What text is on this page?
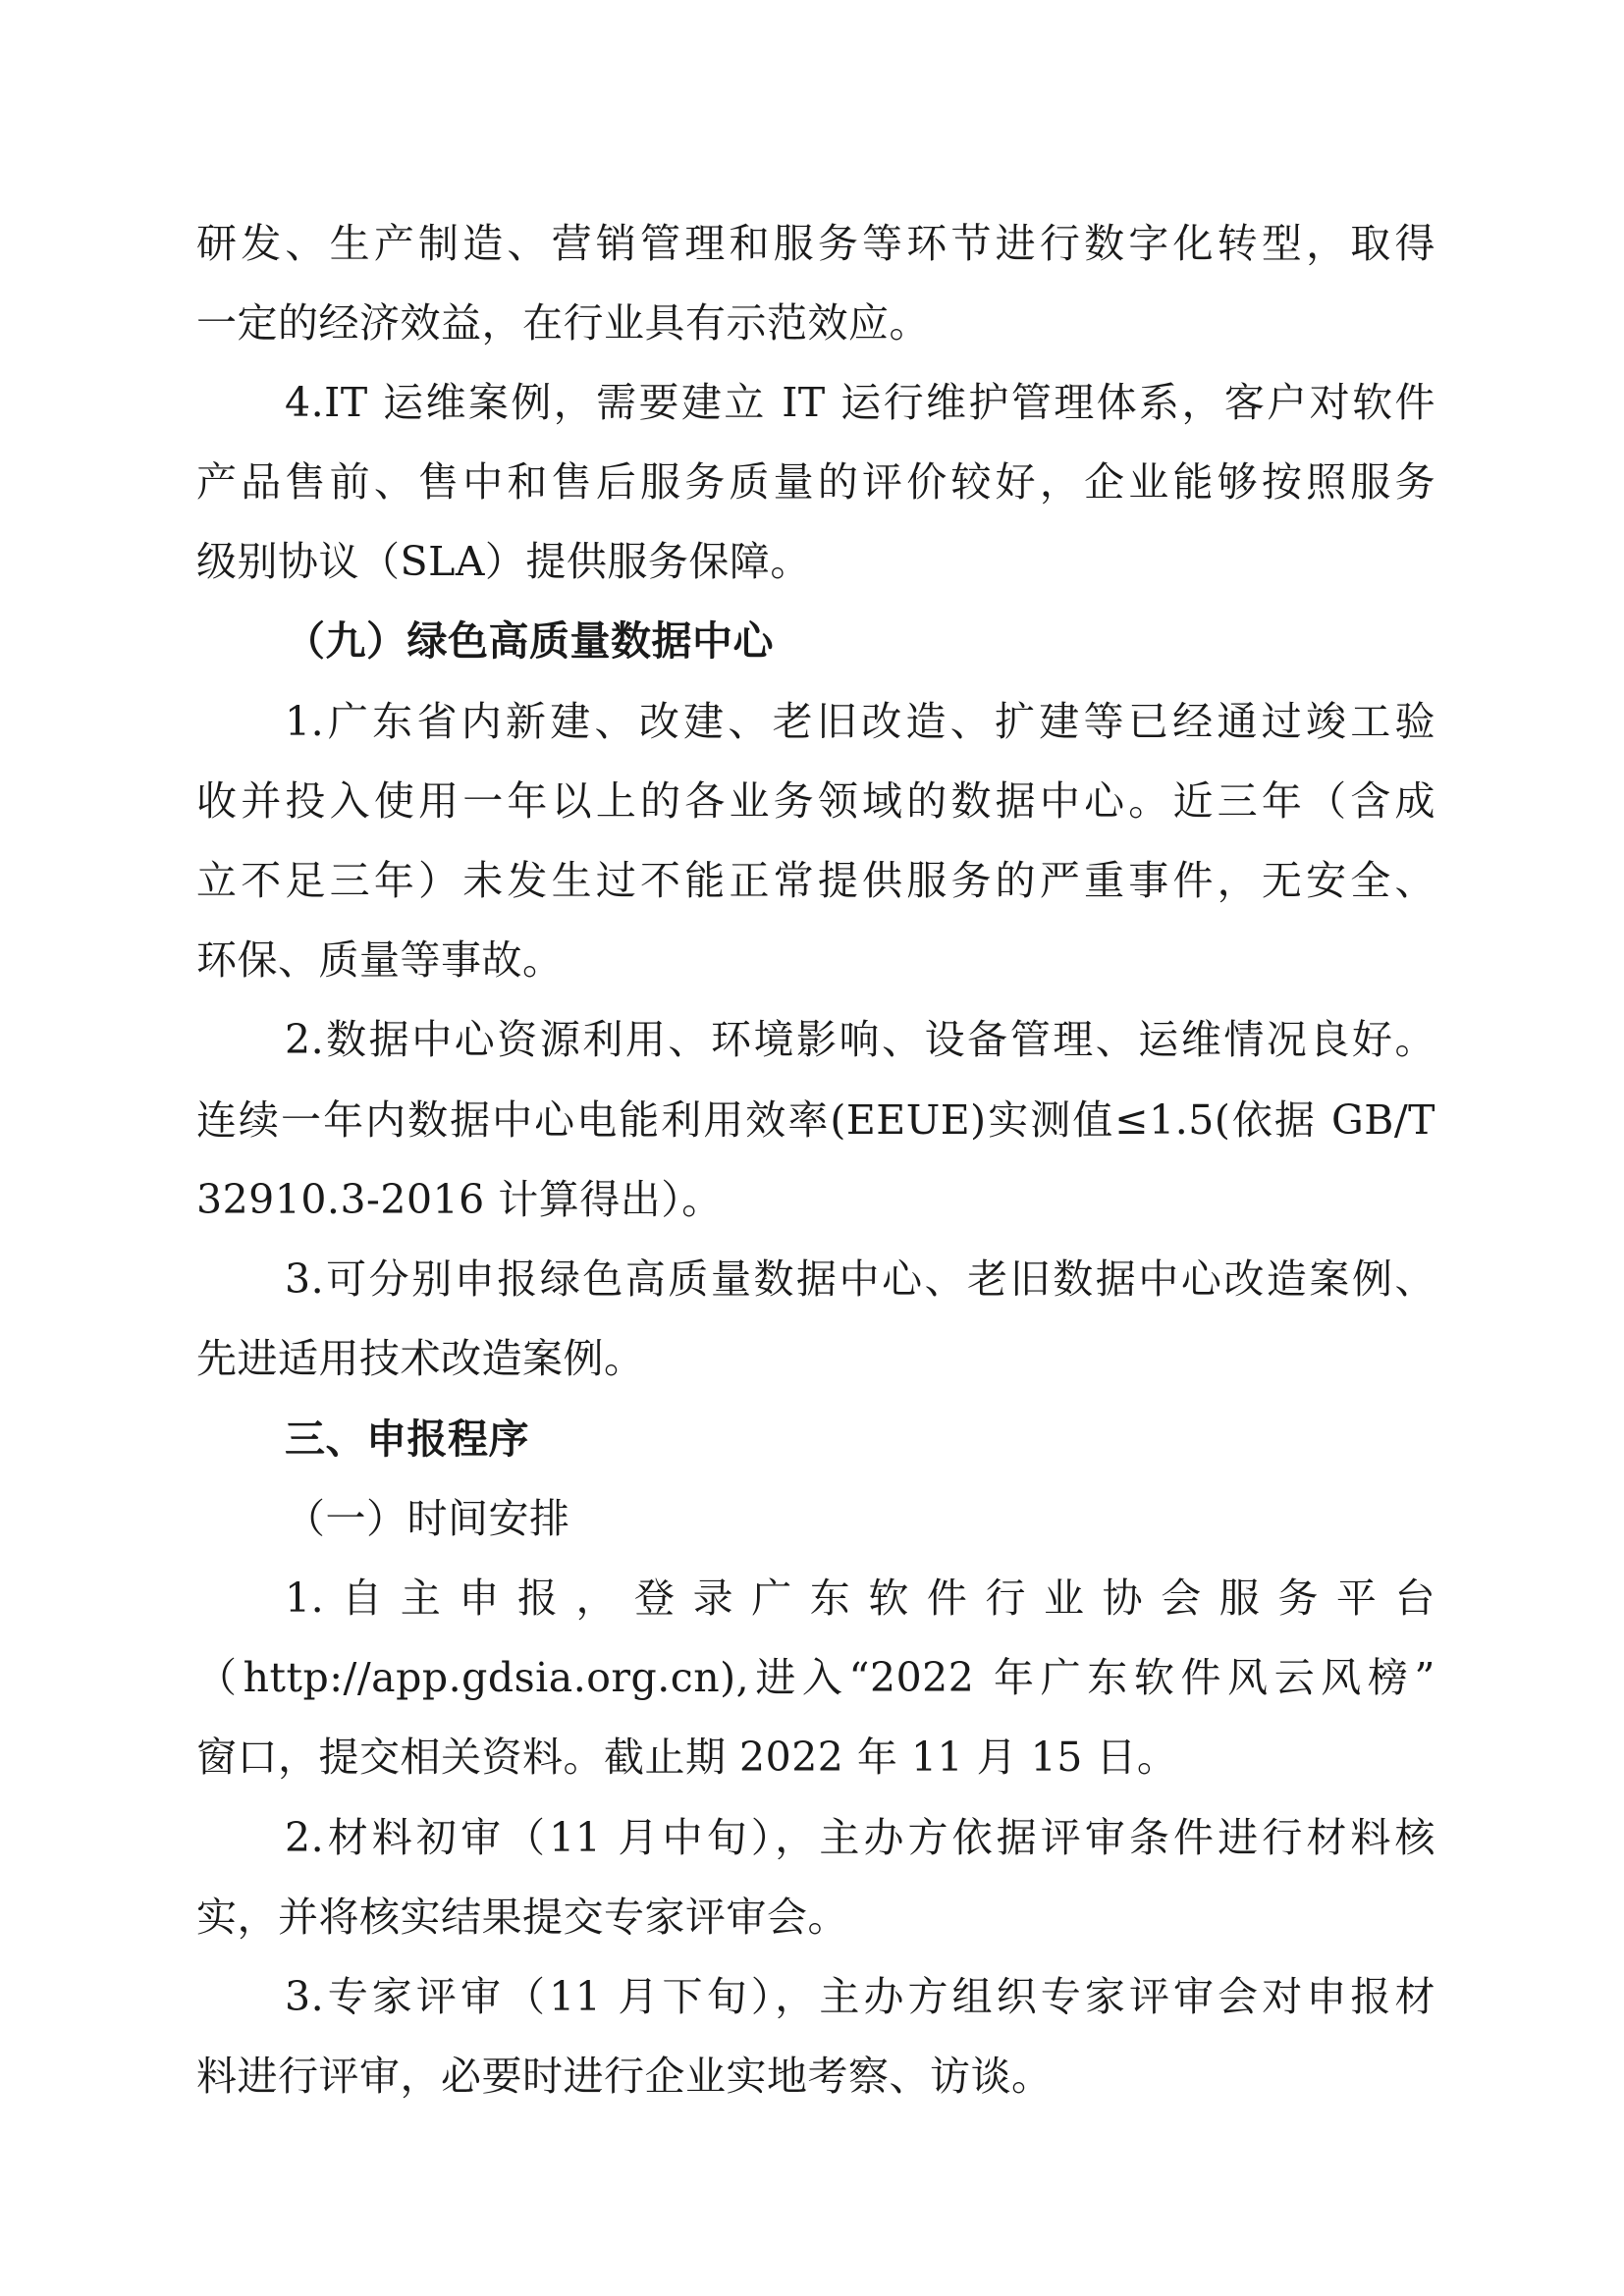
研发、生产制造、营销管理和服务等环节进行数字化转型，取得
一定的经济效益，在行业具有示范效应。
4.IT 运维案例，需要建立 IT 运行维护管理体系，客户对软件
产品售前、售中和售后服务质量的评价较好，企业能够按照服务
级别协议（SLA）提供服务保障。
（九）绿色高质量数据中心
1.广东省内新建、改建、老旧改造、扩建等已经通过竣工验
收并投入使用一年以上的各业务领域的数据中心。近三年（含成
立不足三年）未发生过不能正常提供服务的严重事件，无安全、
环保、质量等事故。
2.数据中心资源利用、环境影响、设备管理、运维情况良好。
连续一年内数据中心电能利用效率(EEUE)实测值≤1.5(依据 GB/T
32910.3-2016 计算得出）。
3.可分别申报绿色高质量数据中心、老旧数据中心改造案例、
先进适用技术改造案例。
三、申报程序
（一）时间安排
1.自主申报，登录广东软件行业协会服务平台
（http://app.gdsia.org.cn),进入“2022 年广东软件风云风榜”
窗口，提交相关资料。截止期 2022 年 11 月 15 日。
2.材料初审（11 月中旬），主办方依据评审条件进行材料核
实，并将核实结果提交专家评审会。
3.专家评审（11 月下旬），主办方组织专家评审会对申报材
料进行评审，必要时进行企业实地考察、访谈。
